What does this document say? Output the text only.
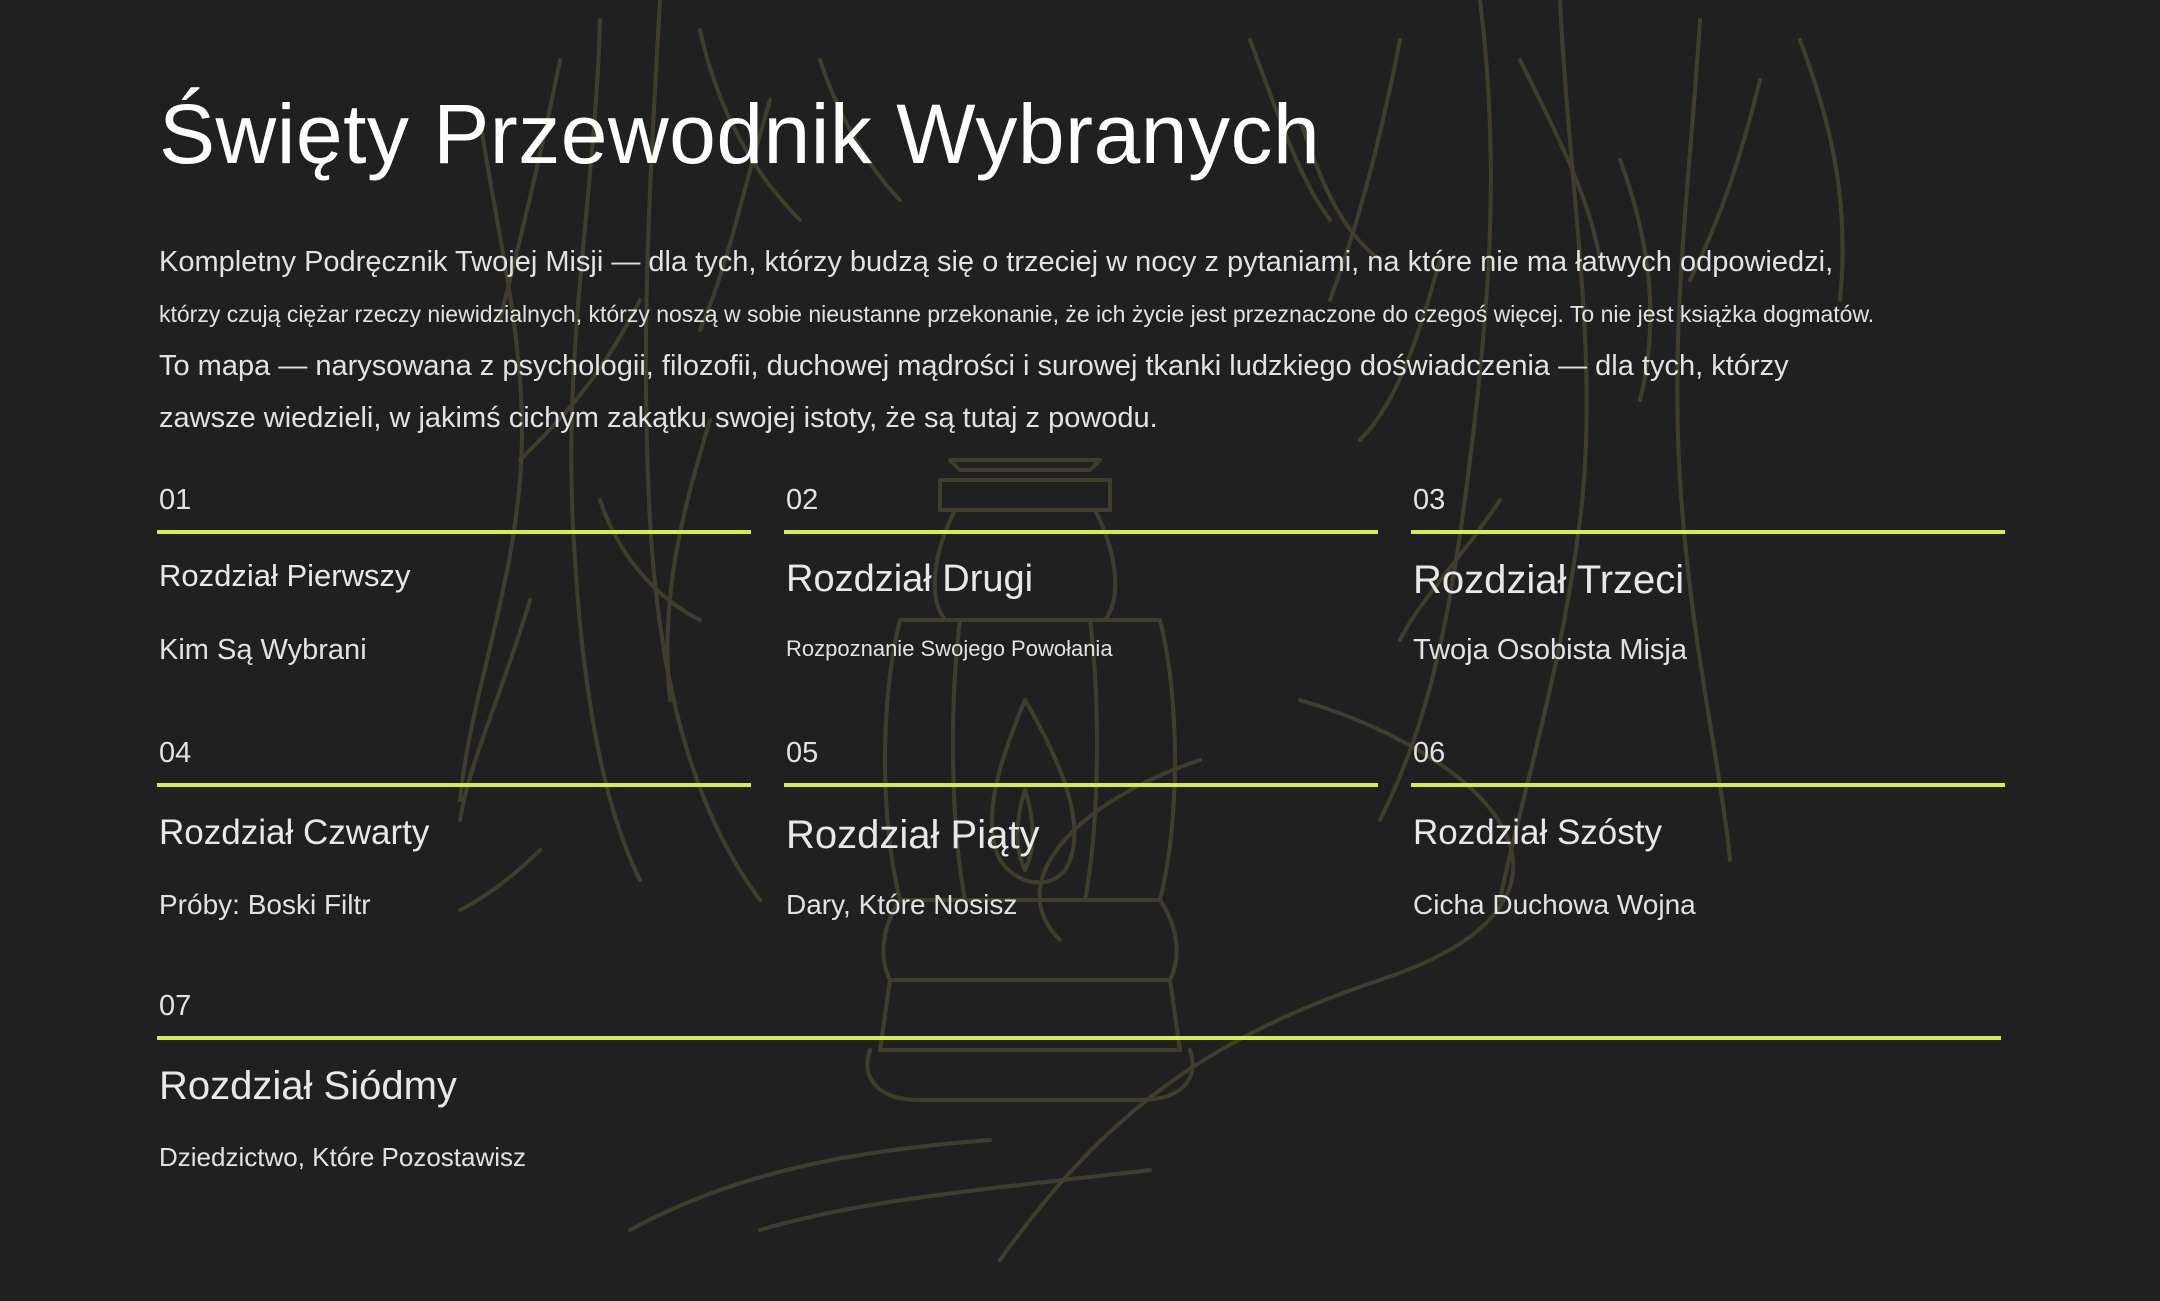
Święty Przewodnik Wybranych

Kompletny Podręcznik Twojej Misji — dla tych, którzy budzą się o trzeciej w nocy z pytaniami, na które nie ma łatwych odpowiedzi,

którzy czują ciężar rzeczy niewidzialnych, którzy noszą w sobie nieustanne przekonanie, że ich życie jest przeznaczone do czegoś więcej. To nie jest książka dogmatów.

To mapa — narysowana z psychologii, filozofii, duchowej mądrości i surowej tkanki ludzkiego doświadczenia — dla tych, którzy

zawsze wiedzieli, w jakimś cichym zakątku swojej istoty, że są tutaj z powodu.

01
Rozdział Pierwszy
Kim Są Wybrani
02
Rozdział Drugi
Rozpoznanie Swojego Powołania
03
Rozdział Trzeci
Twoja Osobista Misja
04
Rozdział Czwarty
Próby: Boski Filtr
05
Rozdział Piąty
Dary, Które Nosisz
06
Rozdział Szósty
Cicha Duchowa Wojna
07
Rozdział Siódmy
Dziedzictwo, Które Pozostawisz
